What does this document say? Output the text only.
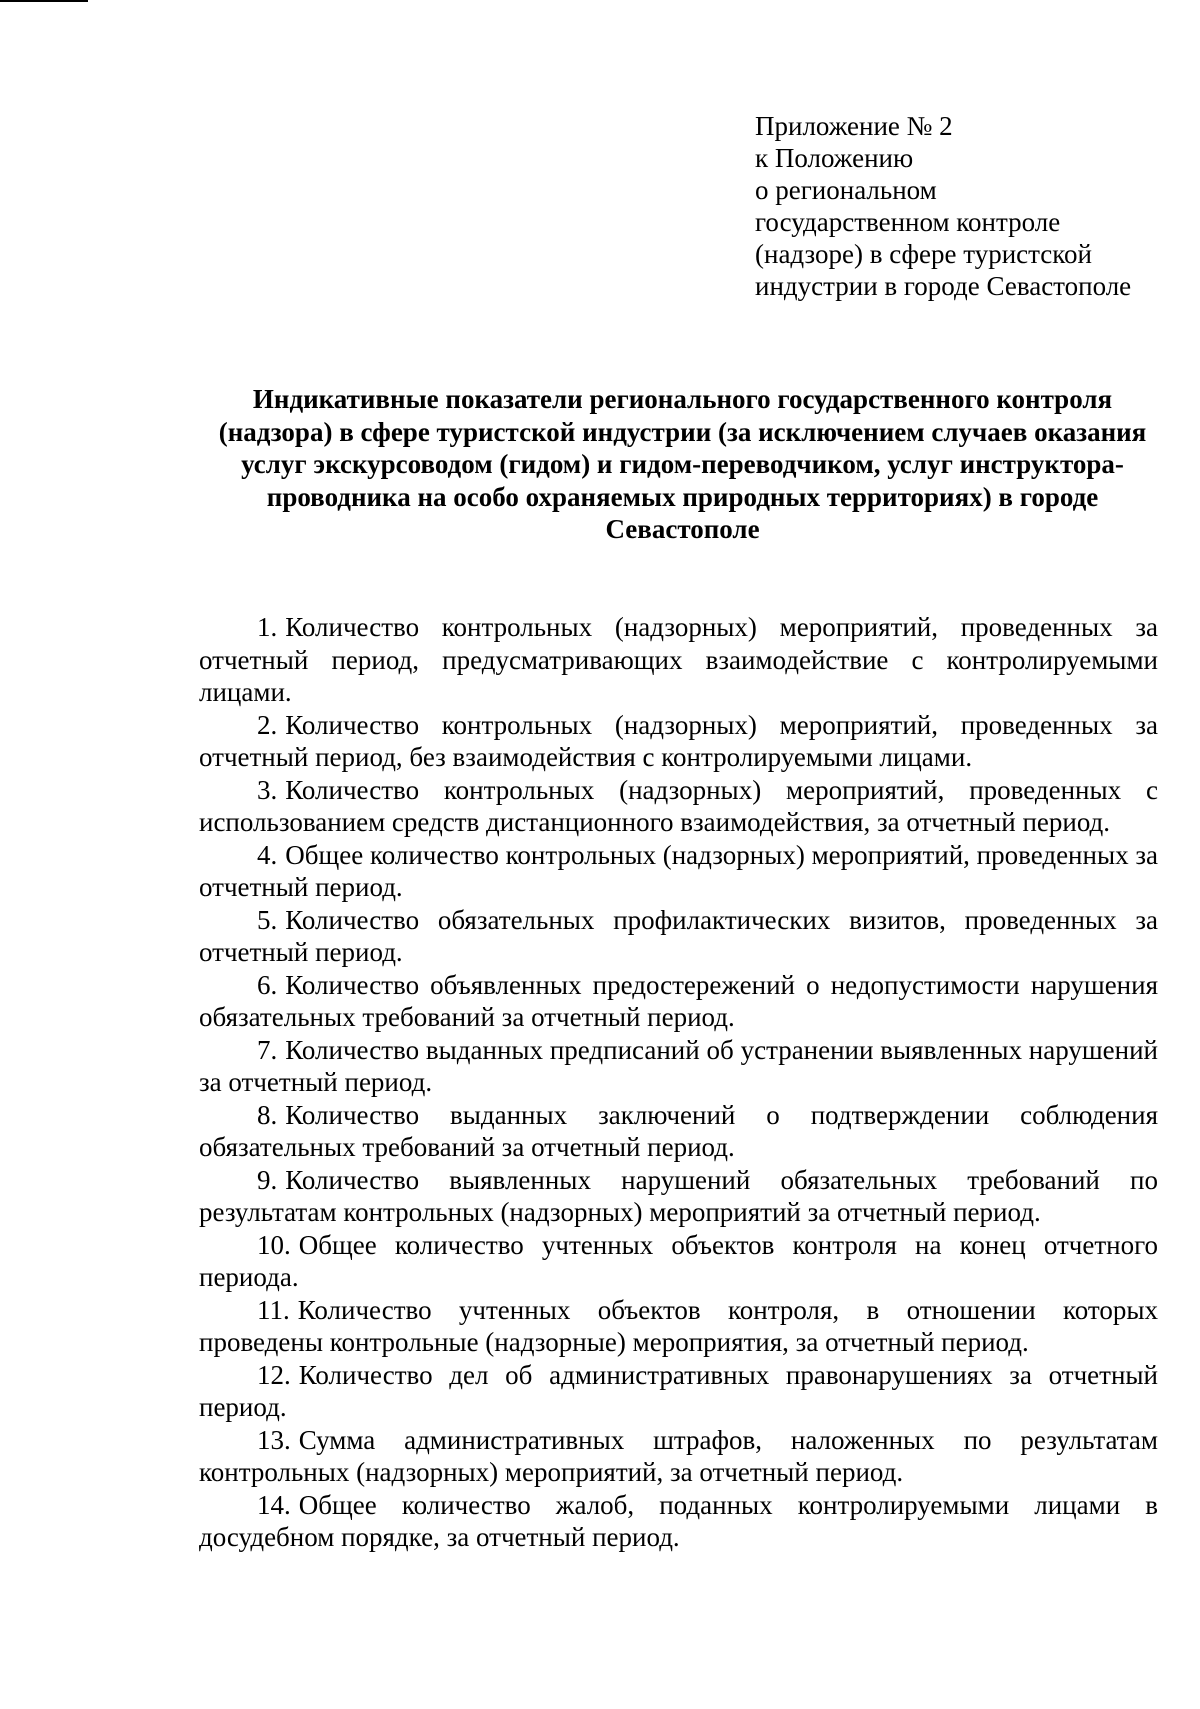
Приложение № 2
к Положению
о региональном
государственном контроле
(надзоре) в сфере туристской
индустрии в городе Севастополе
Индикативные показатели регионального государственного контроля (надзора) в сфере туристской индустрии (за исключением случаев оказания услуг экскурсоводом (гидом) и гидом-переводчиком, услуг инструктора-проводника на особо охраняемых природных территориях) в городе Севастополе

1. Количество контрольных (надзорных) мероприятий, проведенных за отчетный период, предусматривающих взаимодействие с контролируемыми лицами.

2. Количество контрольных (надзорных) мероприятий, проведенных за отчетный период, без взаимодействия с контролируемыми лицами.

3. Количество контрольных (надзорных) мероприятий, проведенных с использованием средств дистанционного взаимодействия, за отчетный период.

4. Общее количество контрольных (надзорных) мероприятий, проведенных за отчетный период.

5. Количество обязательных профилактических визитов, проведенных за отчетный период.

6. Количество объявленных предостережений о недопустимости нарушения обязательных требований за отчетный период.

7. Количество выданных предписаний об устранении выявленных нарушений за отчетный период.

8. Количество выданных заключений о подтверждении соблюдения обязательных требований за отчетный период.

9. Количество выявленных нарушений обязательных требований по результатам контрольных (надзорных) мероприятий за отчетный период.

10. Общее количество учтенных объектов контроля на конец отчетного периода.

11. Количество учтенных объектов контроля, в отношении которых проведены контрольные (надзорные) мероприятия, за отчетный период.

12. Количество дел об административных правонарушениях за отчетный период.

13. Сумма административных штрафов, наложенных по результатам контрольных (надзорных) мероприятий, за отчетный период.

14. Общее количество жалоб, поданных контролируемыми лицами в досудебном порядке, за отчетный период.
